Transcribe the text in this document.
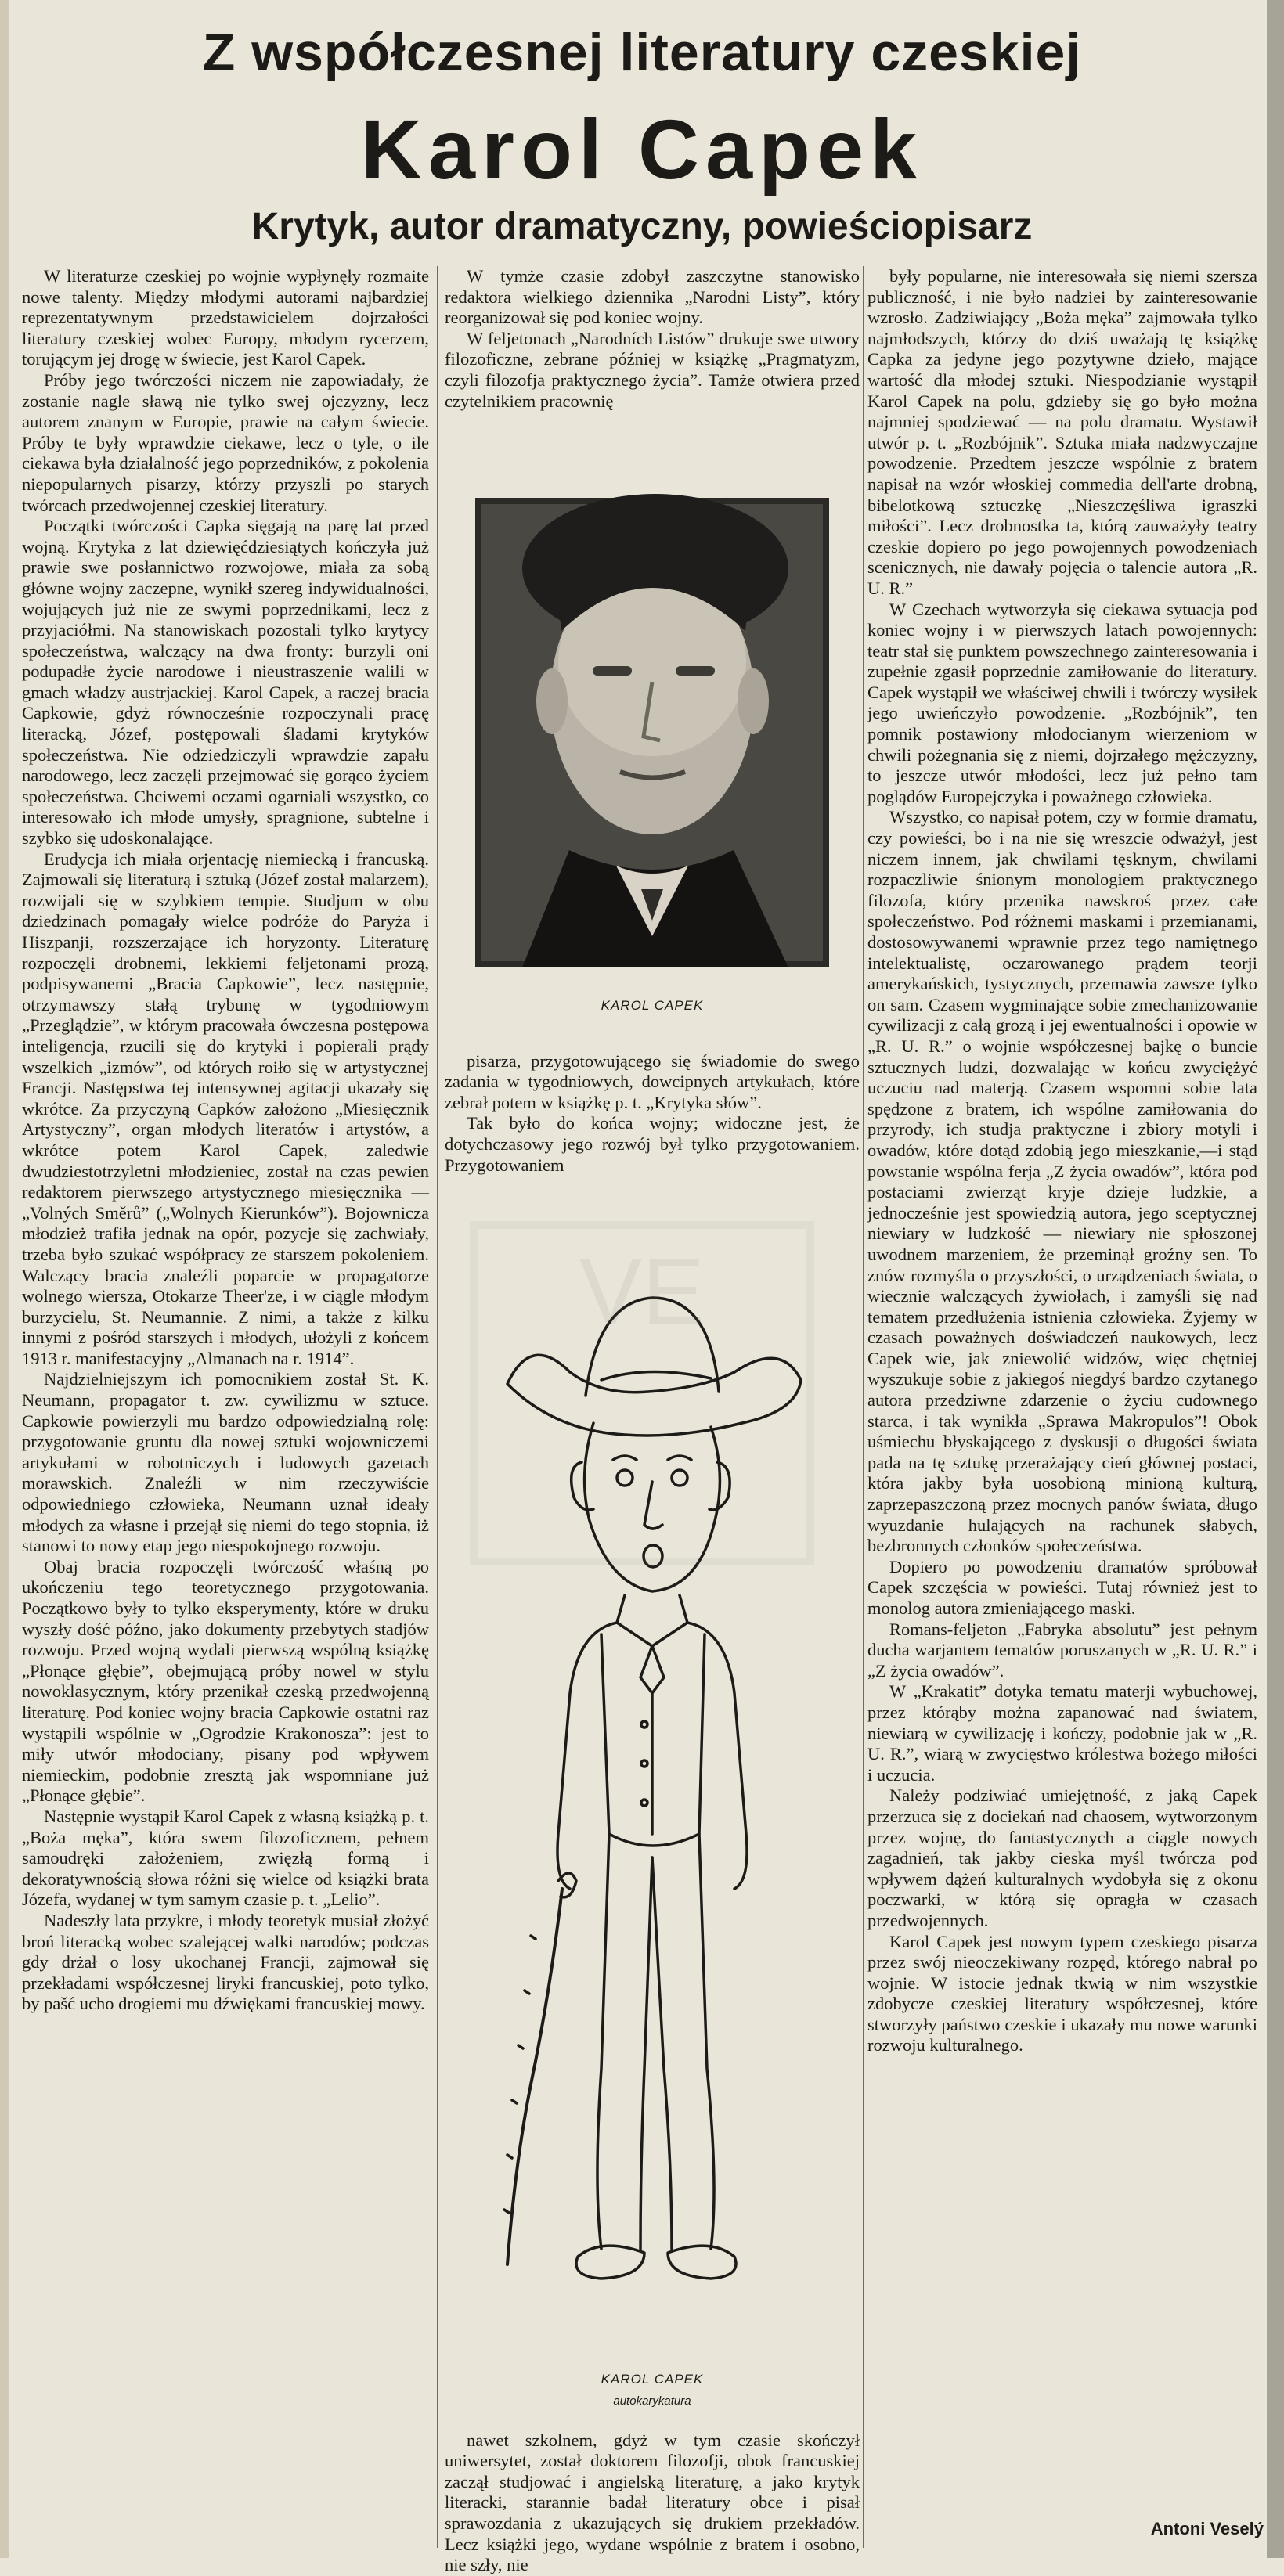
Z współczesnej literatury czeskiej
Karol Capek
Krytyk, autor dramatyczny, powieściopisarz

W literaturze czeskiej po wojnie wypłynęły rozmaite nowe talenty. Między młodymi autorami najbardziej reprezentatywnym przedstawicielem dojrzałości literatury czeskiej wobec Europy, młodym rycerzem, torującym jej drogę w świecie, jest Karol Capek.

Próby jego twórczości niczem nie zapowiadały, że zostanie nagle sławą nie tylko swej ojczyzny, lecz autorem znanym w Europie, prawie na całym świecie. Próby te były wprawdzie ciekawe, lecz o tyle, o ile ciekawa była działalność jego poprzedników, z pokolenia niepopularnych pisarzy, którzy przyszli po starych twórcach przedwojennej czeskiej literatury.

Początki twórczości Capka sięgają na parę lat przed wojną. Krytyka z lat dziewięćdziesiątych kończyła już prawie swe posłannictwo rozwojowe, miała za sobą główne wojny zaczepne, wynikł szereg indywidualności, wojujących już nie ze swymi poprzednikami, lecz z przyjaciółmi. Na stanowiskach pozostali tylko krytycy społeczeństwa, walczący na dwa fronty: burzyli oni podupadłe życie narodowe i nieustraszenie walili w gmach władzy austrjackiej. Karol Capek, a raczej bracia Capkowie, gdyż równocześnie rozpoczynali pracę literacką, Józef, postępowali śladami krytyków społeczeństwa. Nie odziedziczyli wprawdzie zapału narodowego, lecz zaczęli przejmować się gorąco życiem społeczeństwa. Chciwemi oczami ogarniali wszystko, co interesowało ich młode umysły, spragnione, subtelne i szybko się udoskonalające.

Erudycja ich miała orjentację niemiecką i francuską. Zajmowali się literaturą i sztuką (Józef został malarzem), rozwijali się w szybkiem tempie. Studjum w obu dziedzinach pomagały wielce podróże do Paryża i Hiszpanji, rozszerzające ich horyzonty. Literaturę rozpoczęli drobnemi, lekkiemi feljetonami prozą, podpisywanemi „Bracia Capkowie”, lecz następnie, otrzymawszy stałą trybunę w tygodniowym „Przeglądzie”, w którym pracowała ówczesna postępowa inteligencja, rzucili się do krytyki i popierali prądy wszelkich „izmów”, od których roiło się w artystycznej Francji. Następstwa tej intensywnej agitacji ukazały się wkrótce. Za przyczyną Capków założono „Miesięcznik Artystyczny”, organ młodych literatów i artystów, a wkrótce potem Karol Capek, zaledwie dwudziestotrzyletni młodzieniec, został na czas pewien redaktorem pierwszego artystycznego miesięcznika — „Volných Směrů” („Wolnych Kierunków”). Bojownicza młodzież trafiła jednak na opór, pozycje się zachwiały, trzeba było szukać współpracy ze starszem pokoleniem. Walczący bracia znaleźli poparcie w propagatorze wolnego wiersza, Otokarze Theer'ze, i w ciągle młodym burzycielu, St. Neumannie. Z nimi, a także z kilku innymi z pośród starszych i młodych, ułożyli z końcem 1913 r. manifestacyjny „Almanach na r. 1914”.

Najdzielniejszym ich pomocnikiem został St. K. Neumann, propagator t. zw. cywilizmu w sztuce. Capkowie powierzyli mu bardzo odpowiedzialną rolę: przygotowanie gruntu dla nowej sztuki wojowniczemi artykułami w robotniczych i ludowych gazetach morawskich. Znaleźli w nim rzeczywiście odpowiedniego człowieka, Neumann uznał ideały młodych za własne i przejął się niemi do tego stopnia, iż stanowi to nowy etap jego niespokojnego rozwoju.

Obaj bracia rozpoczęli twórczość właśną po ukończeniu tego teoretycznego przygotowania. Początkowo były to tylko eksperymenty, które w druku wyszły dość późno, jako dokumenty przebytych stadjów rozwoju. Przed wojną wydali pierwszą wspólną książkę „Płonące głębie”, obejmującą próby nowel w stylu nowoklasycznym, który przenikał czeską przedwojenną literaturę. Pod koniec wojny bracia Capkowie ostatni raz wystąpili wspólnie w „Ogrodzie Krakonosza”: jest to miły utwór młodociany, pisany pod wpływem niemieckim, podobnie zresztą jak wspomniane już „Płonące głębie”.

Następnie wystąpił Karol Capek z własną książką p. t. „Boża męka”, która swem filozoficznem, pełnem samoudręki założeniem, zwięzłą formą i dekoratywnością słowa różni się wielce od książki brata Józefa, wydanej w tym samym czasie p. t. „Lelio”.

Nadeszły lata przykre, i młody teoretyk musiał złożyć broń literacką wobec szalejącej walki narodów; podczas gdy drżał o losy ukochanej Francji, zajmował się przekładami współczesnej liryki francuskiej, poto tylko, by pašć ucho drogiemi mu dźwiękami francuskiej mowy.

W tymże czasie zdobył zaszczytne stanowisko redaktora wielkiego dziennika „Narodni Listy”, który reorganizował się pod koniec wojny.

W feljetonach „Narodních Listów” drukuje swe utwory filozoficzne, zebrane później w książkę „Pragmatyzm, czyli filozofja praktycznego życia”. Tamże otwiera przed czytelnikiem pracownię

KAROL CAPEK

pisarza, przygotowującego się świadomie do swego zadania w tygodniowych, dowcipnych artykułach, które zebrał potem w książkę p. t. „Krytyka słów”.

Tak było do końca wojny; widoczne jest, że dotychczasowy jego rozwój był tylko przygotowaniem. Przygotowaniem

KAROL CAPEK
autokarykatura

nawet szkolnem, gdyż w tym czasie skończył uniwersytet, został doktorem filozofji, obok francuskiej zaczął studjować i angielską literaturę, a jako krytyk literacki, starannie badał literatury obce i pisał sprawozdania z ukazujących się drukiem przekładów. Lecz książki jego, wydane wspólnie z bratem i osobno, nie szły, nie

były popularne, nie interesowała się niemi szersza publiczność, i nie było nadziei by zainteresowanie wzrosło. Zadziwiający „Boża męka” zajmowała tylko najmłodszych, którzy do dziś uważają tę książkę Capka za jedyne jego pozytywne dzieło, mające wartość dla młodej sztuki. Niespodzianie wystąpił Karol Capek na polu, gdzieby się go było można najmniej spodziewać — na polu dramatu. Wystawił utwór p. t. „Rozbójnik”. Sztuka miała nadzwyczajne powodzenie. Przedtem jeszcze wspólnie z bratem napisał na wzór włoskiej commedia dell'arte drobną, bibelotkową sztuczkę „Nieszczęśliwa igraszki miłości”. Lecz drobnostka ta, którą zauważyły teatry czeskie dopiero po jego powojennych powodzeniach scenicznych, nie dawały pojęcia o talencie autora „R. U. R.”

W Czechach wytworzyła się ciekawa sytuacja pod koniec wojny i w pierwszych latach powojennych: teatr stał się punktem powszechnego zainteresowania i zupełnie zgasił poprzednie zamiłowanie do literatury. Capek wystąpił we właściwej chwili i twórczy wysiłek jego uwieńczyło powodzenie. „Rozbójnik”, ten pomnik postawiony młodocianym wierzeniom w chwili pożegnania się z niemi, dojrzałego mężczyzny, to jeszcze utwór młodości, lecz już pełno tam poglądów Europejczyka i poważnego człowieka.

Wszystko, co napisał potem, czy w formie dramatu, czy powieści, bo i na nie się wreszcie odważył, jest niczem innem, jak chwilami tęsknym, chwilami rozpaczliwie śnionym monologiem praktycznego filozofa, który przenika nawskroś przez całe społeczeństwo. Pod różnemi maskami i przemianami, dostosowywanemi wprawnie przez tego namiętnego intelektualistę, oczarowanego prądem teorji amerykańskich, tystycznych, przemawia zawsze tylko on sam. Czasem wygminające sobie zmechanizowanie cywilizacji z całą grozą i jej ewentualności i opowie w „R. U. R.” o wojnie współczesnej bajkę o buncie sztucznych ludzi, dozwalając w końcu zwyciężyć uczuciu nad materją. Czasem wspomni sobie lata spędzone z bratem, ich wspólne zamiłowania do przyrody, ich studja praktyczne i zbiory motyli i owadów, które dotąd zdobią jego mieszkanie,—i stąd powstanie wspólna ferja „Z życia owadów”, która pod postaciami zwierząt kryje dzieje ludzkie, a jednocześnie jest spowiedzią autora, jego sceptycznej niewiary w ludzkość — niewiary nie spłoszonej uwodnem marzeniem, że przeminął groźny sen. To znów rozmyśla o przyszłości, o urządzeniach świata, o wiecznie walczących żywiołach, i zamyśli się nad tematem przedłużenia istnienia człowieka. Żyjemy w czasach poważnych doświadczeń naukowych, lecz Capek wie, jak zniewolić widzów, więc chętniej wyszukuje sobie z jakiegoś niegdyś bardzo czytanego autora przedziwne zdarzenie o życiu cudownego starca, i tak wynikła „Sprawa Makropulos”! Obok uśmiechu błyskającego z dyskusji o długości świata pada na tę sztukę przerażający cień głównej postaci, która jakby była uosobioną minioną kulturą, zaprzepaszczoną przez mocnych panów świata, długo wyuzdanie hulających na rachunek słabych, bezbronnych członków społeczeństwa.

Dopiero po powodzeniu dramatów spróbował Capek szczęścia w powieści. Tutaj również jest to monolog autora zmieniającego maski.

Romans-feljeton „Fabryka absolutu” jest pełnym ducha warjantem tematów poruszanych w „R. U. R.” i „Z życia owadów”.

W „Krakatit” dotyka tematu materji wybuchowej, przez którąby można zapanować nad światem, niewiarą w cywilizację i kończy, podobnie jak w „R. U. R.”, wiarą w zwycięstwo królestwa bożego miłości i uczucia.

Należy podziwiać umiejętność, z jaką Capek przerzuca się z dociekań nad chaosem, wytworzonym przez wojnę, do fantastycznych a ciągle nowych zagadnień, tak jakby cieska myśl twórcza pod wpływem dążeń kulturalnych wydobyła się z okonu poczwarki, w którą się opragła w czasach przedwojennych.

Karol Capek jest nowym typem czeskiego pisarza przez swój nieoczekiwany rozpęd, którego nabrał po wojnie. W istocie jednak tkwią w nim wszystkie zdobycze czeskiej literatury współczesnej, które stworzyły państwo czeskie i ukazały mu nowe warunki rozwoju kulturalnego.

VE
Antoni Veselý
